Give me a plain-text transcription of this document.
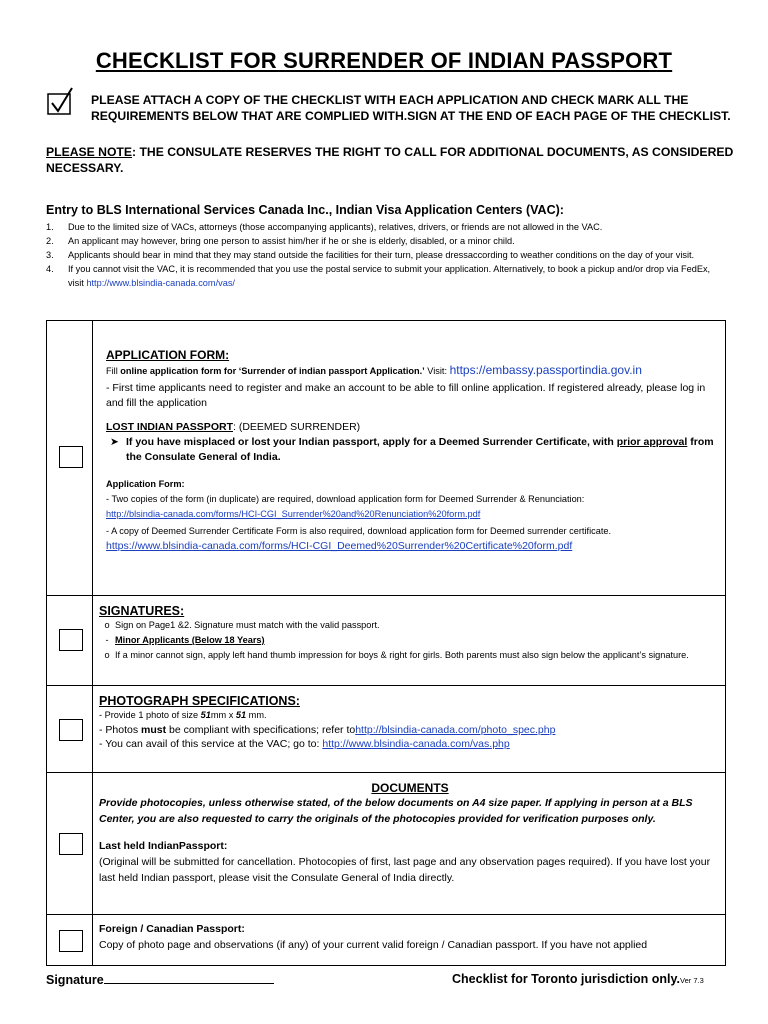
CHECKLIST FOR SURRENDER OF INDIAN PASSPORT
PLEASE ATTACH A COPY OF THE CHECKLIST WITH EACH APPLICATION AND CHECK MARK ALL THE REQUIREMENTS BELOW THAT ARE COMPLIED WITH.SIGN AT THE END OF EACH PAGE OF THE CHECKLIST.
PLEASE NOTE: THE CONSULATE RESERVES THE RIGHT TO CALL FOR ADDITIONAL DOCUMENTS, AS CONSIDERED NECESSARY.
Entry to BLS International Services Canada Inc., Indian Visa Application Centers (VAC):
1.	Due to the limited size of VACs, attorneys (those accompanying applicants), relatives, drivers, or friends are not allowed in the VAC.
2.	An applicant may however, bring one person to assist him/her if he or she is elderly, disabled, or a minor child.
3.	Applicants should bear in mind that they may stand outside the facilities for their turn, please dressaccording to weather conditions on the day of your visit.
4.	If you cannot visit the VAC, it is recommended that you use the postal service to submit your application. Alternatively, to book a pickup and/or drop via FedEx, visit http://www.blsindia-canada.com/vas/
APPLICATION FORM:
Fill online application form for ‘Surrender of indian passport Application.’ Visit: https://embassy.passportindia.gov.in
- First time applicants need to register and make an account to be able to fill online application. If registered already, please log in and fill the application
LOST INDIAN PASSPORT: (DEEMED SURRENDER)
➤ If you have misplaced or lost your Indian passport, apply for a Deemed Surrender Certificate, with prior approval from the Consulate General of India.
Application Form:
- Two copies of the form (in duplicate) are required, download application form for Deemed Surrender & Renunciation:
http://blsindia-canada.com/forms/HCI-CGI_Surrender%20and%20Renunciation%20form.pdf
- A copy of Deemed Surrender Certificate Form is also required, download application form for Deemed surrender certificate.
https://www.blsindia-canada.com/forms/HCI-CGI_Deemed%20Surrender%20Certificate%20form.pdf
SIGNATURES:
o Sign on Page1 &2. Signature must match with the valid passport.
- Minor Applicants (Below 18 Years)
o If a minor cannot sign, apply left hand thumb impression for boys & right for girls. Both parents must also sign below the applicant’s signature.
PHOTOGRAPH SPECIFICATIONS:
- Provide 1 photo of size 51mm x 51 mm.
- Photos must be compliant with specifications; refer tohttp://blsindia-canada.com/photo_spec.php
- You can avail of this service at the VAC; go to: http://www.blsindia-canada.com/vas.php
DOCUMENTS
Provide photocopies, unless otherwise stated, of the below documents on A4 size paper. If applying in person at a BLS Center, you are also requested to carry the originals of the photocopies provided for verification purposes only.
Last held IndianPassport:
(Original will be submitted for cancellation. Photocopies of first, last page and any observation pages required). If you have lost your last held Indian passport, please visit the Consulate General of India directly.
Foreign / Canadian Passport:
Copy of photo page and observations (if any) of your current valid foreign / Canadian passport. If you have not applied
Signature	Checklist for Toronto jurisdiction only.Ver 7.3
